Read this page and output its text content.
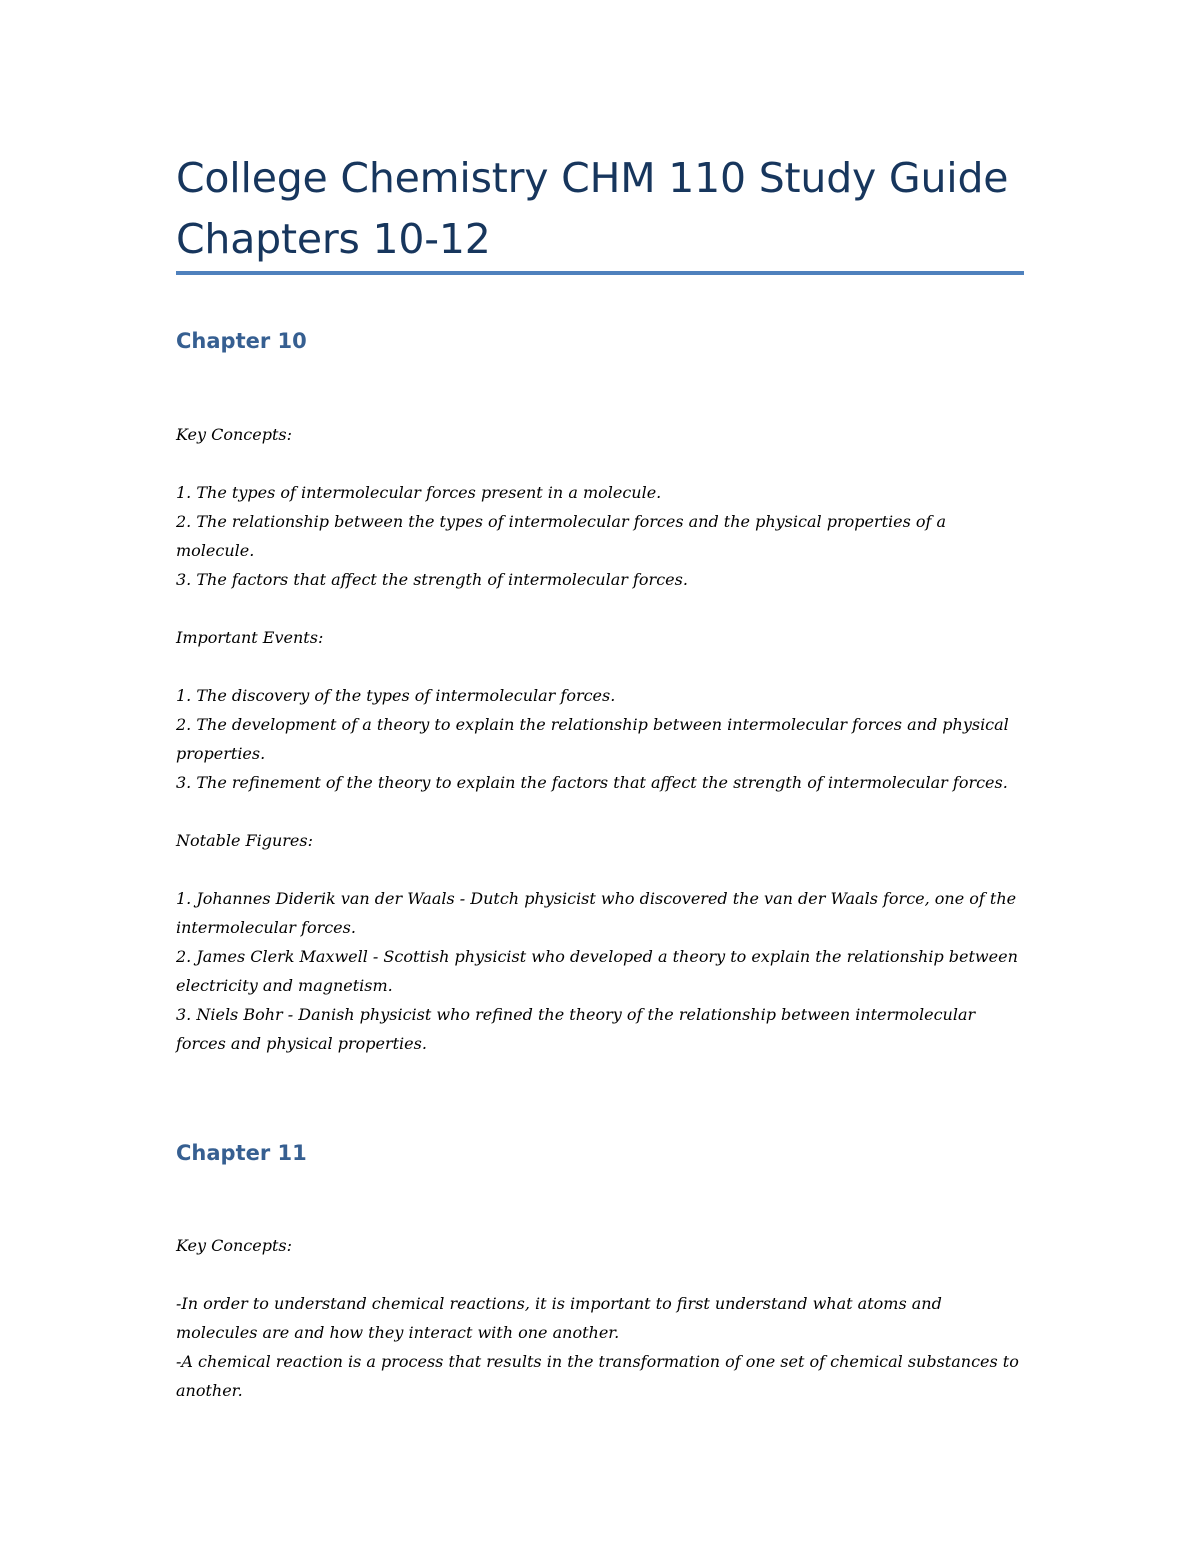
College Chemistry CHM 110 Study Guide Chapters 10-12
Chapter 10

Key Concepts:

1. The types of intermolecular forces present in a molecule.

2. The relationship between the types of intermolecular forces and the physical properties of a molecule.

3. The factors that affect the strength of intermolecular forces.

Important Events:

1. The discovery of the types of intermolecular forces.

2. The development of a theory to explain the relationship between intermolecular forces and physical properties.

3. The refinement of the theory to explain the factors that affect the strength of intermolecular forces.

Notable Figures:

1. Johannes Diderik van der Waals - Dutch physicist who discovered the van der Waals force, one of the intermolecular forces.

2. James Clerk Maxwell - Scottish physicist who developed a theory to explain the relationship between electricity and magnetism.

3. Niels Bohr - Danish physicist who refined the theory of the relationship between intermolecular forces and physical properties.

Chapter 11

Key Concepts:

-In order to understand chemical reactions, it is important to first understand what atoms and molecules are and how they interact with one another.

-A chemical reaction is a process that results in the transformation of one set of chemical substances to another.
